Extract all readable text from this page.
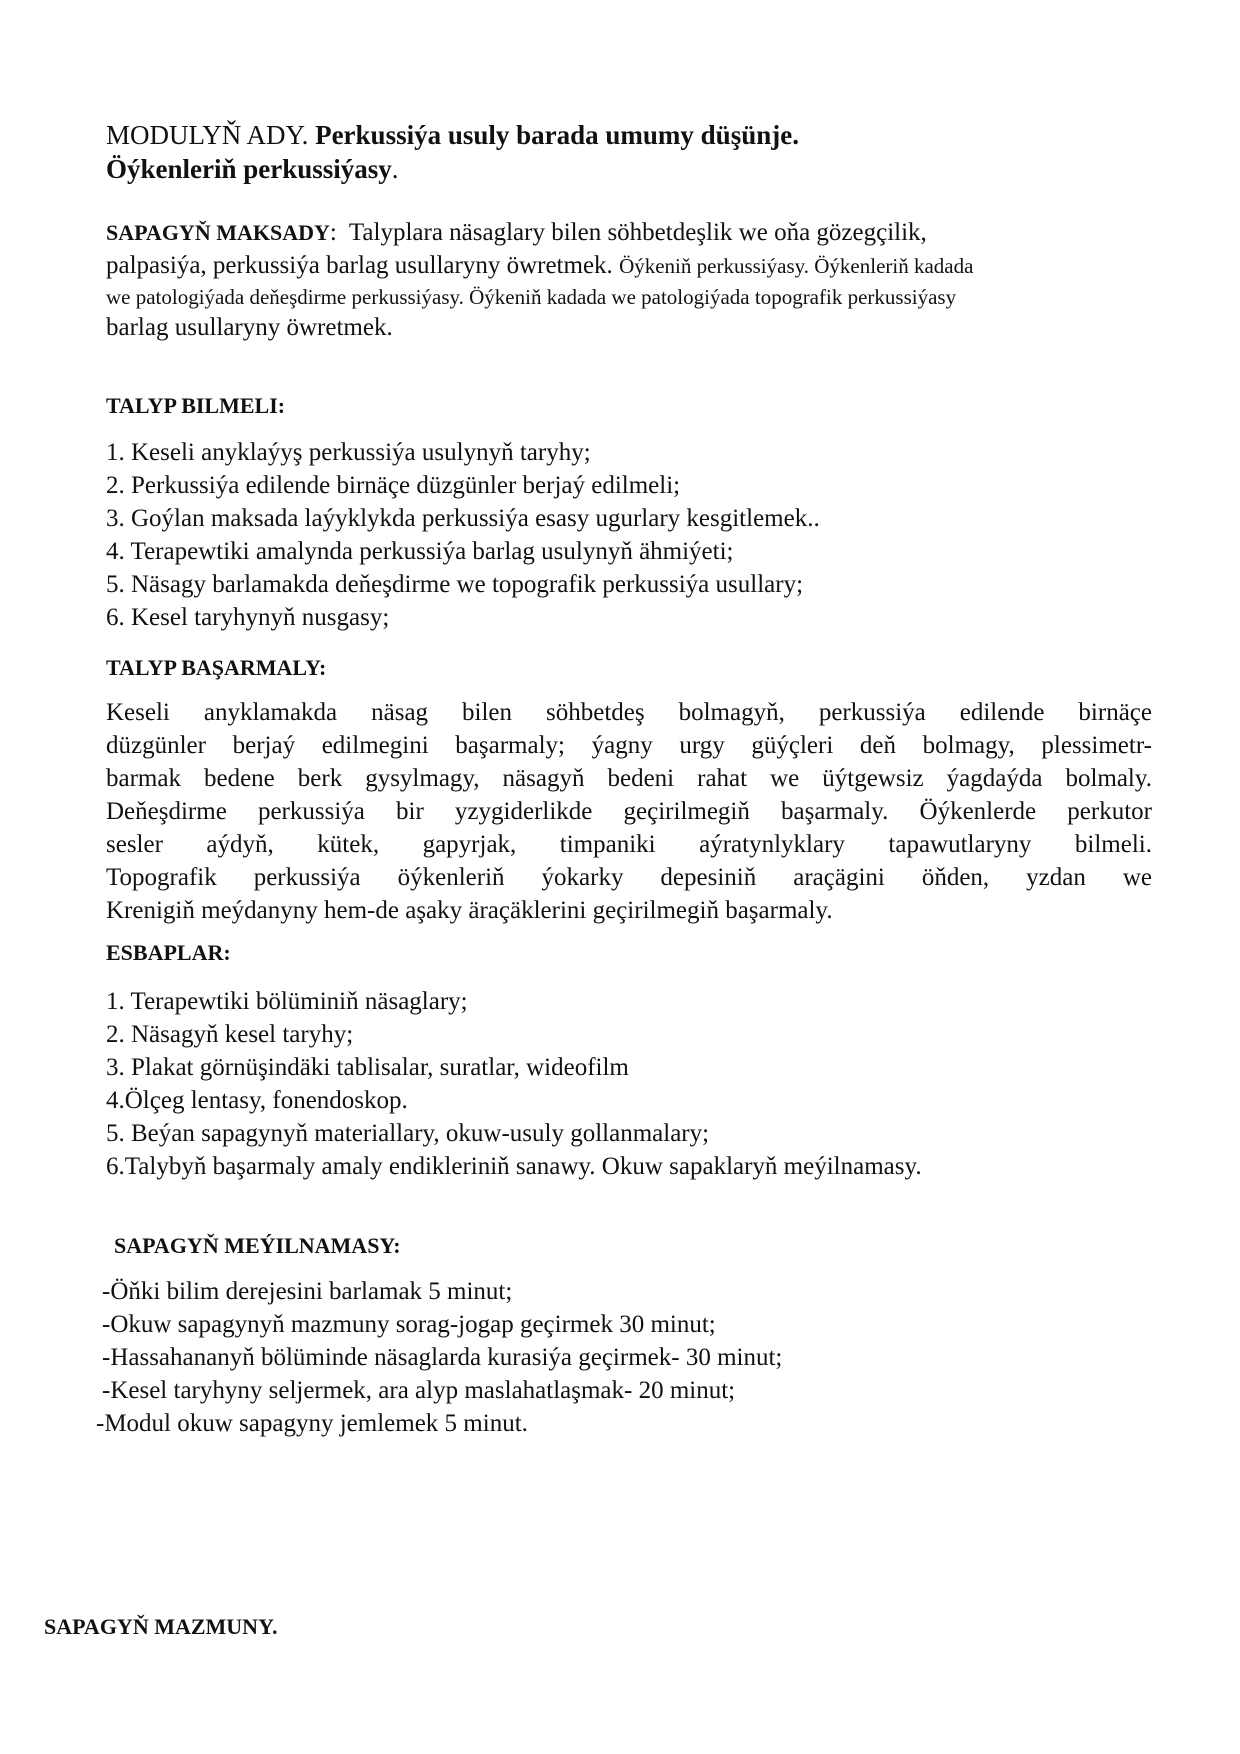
MODULYŇ ADY. Perkussiýa usuly barada umumy düşünje.
Öýkenleriň perkussiýasy.
SAPAGYŇ MAKSADY: Talyplara näsaglary bilen söhbetdeşlik we oňa gözegçilik,
palpasiýa, perkussiýa barlag usullaryny öwretmek. Öýkeniň perkussiýasy. Öýkenleriň kadada
we patologiýada deňeşdirme perkussiýasy. Öýkeniň kadada we patologiýada topografik perkussiýasy
barlag usullaryny öwretmek.
TALYP BILMELI:
1. Keseli anyklaýyş perkussiýa usulynyň taryhy;
2. Perkussiýa edilende birnäçe düzgünler berjaý edilmeli;
3. Goýlan maksada laýyklykda perkussiýa esasy ugurlary kesgitlemek..
4. Terapewtiki amalynda perkussiýa barlag usulynyň ähmiýeti;
5. Näsagy barlamakda deňeşdirme we topografik perkussiýa usullary;
6. Kesel taryhynyň nusgasy;
TALYP BAŞARMALY:
Keseli anyklamakda näsag bilen söhbetdeş bolmagyň, perkussiýa edilende birnäçe
düzgünler berjaý edilmegini başarmaly; ýagny urgy güýçleri deň bolmagy, plessimetr-
barmak bedene berk gysylmagy, näsagyň bedeni rahat we üýtgewsiz ýagdaýda bolmaly.
Deňeşdirme perkussiýa bir yzygiderlikde geçirilmegiň başarmaly. Öýkenlerde perkutor
sesler aýdyň, kütek, gapyrjak, timpaniki aýratynlyklary tapawutlaryny bilmeli.
Topografik perkussiýa öýkenleriň ýokarky depesiniň araçägini öňden, yzdan we
Krenigiň meýdanyny hem-de aşaky äraçäklerini geçirilmegiň başarmaly.
ESBAPLAR:
1. Terapewtiki bölüminiň näsaglary;
2. Näsagyň kesel taryhy;
3. Plakat görnüşindäki tablisalar, suratlar, wideofilm
4.Ölçeg lentasy, fonendoskop.
5. Beýan sapagynyň materiallary, okuw-usuly gollanmalary;
6.Talybyň başarmaly amaly endikleriniň sanawy. Okuw sapaklaryň meýilnamasy.
SAPAGYŇ MEÝILNAMASY:
-Öňki bilim derejesini barlamak 5 minut;
-Okuw sapagynyň mazmuny sorag-jogap geçirmek 30 minut;
-Hassahananyň bölüminde näsaglarda kurasiýa geçirmek- 30 minut;
-Kesel taryhyny seljermek, ara alyp maslahatlaşmak- 20 minut;
-Modul okuw sapagyny jemlemek 5 minut.
SAPAGYŇ MAZMUNY.
